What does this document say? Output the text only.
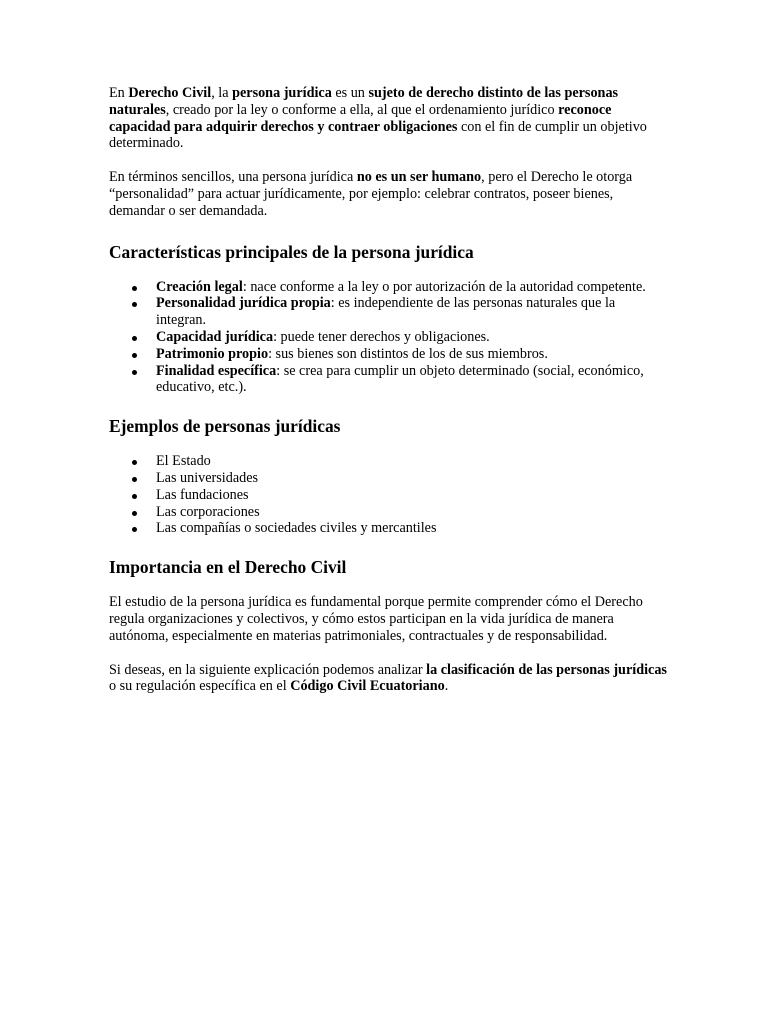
En Derecho Civil, la persona jurídica es un sujeto de derecho distinto de las personas naturales, creado por la ley o conforme a ella, al que el ordenamiento jurídico reconoce capacidad para adquirir derechos y contraer obligaciones con el fin de cumplir un objetivo determinado.

En términos sencillos, una persona jurídica no es un ser humano, pero el Derecho le otorga “personalidad” para actuar jurídicamente, por ejemplo: celebrar contratos, poseer bienes, demandar o ser demandada.

Características principales de la persona jurídica
Creación legal: nace conforme a la ley o por autorización de la autoridad competente.
Personalidad jurídica propia: es independiente de las personas naturales que la integran.
Capacidad jurídica: puede tener derechos y obligaciones.
Patrimonio propio: sus bienes son distintos de los de sus miembros.
Finalidad específica: se crea para cumplir un objeto determinado (social, económico, educativo, etc.).
Ejemplos de personas jurídicas
El Estado
Las universidades
Las fundaciones
Las corporaciones
Las compañías o sociedades civiles y mercantiles
Importancia en el Derecho Civil

El estudio de la persona jurídica es fundamental porque permite comprender cómo el Derecho regula organizaciones y colectivos, y cómo estos participan en la vida jurídica de manera autónoma, especialmente en materias patrimoniales, contractuales y de responsabilidad.

Si deseas, en la siguiente explicación podemos analizar la clasificación de las personas jurídicas o su regulación específica en el Código Civil Ecuatoriano.
